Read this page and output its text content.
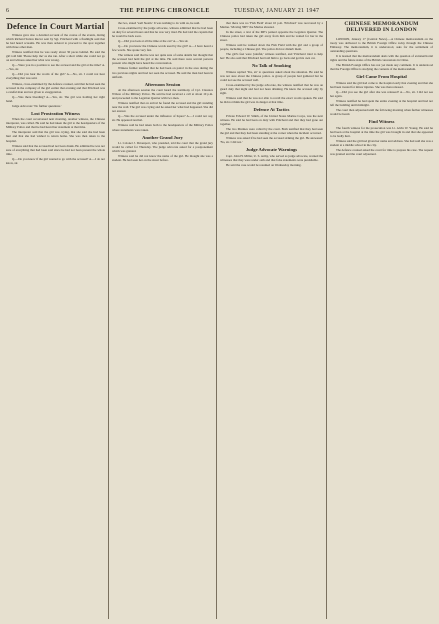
6	THE PEIPING CHRONICLE	TUESDAY, JANUARY 21 1947
Defence In Court Martial

Witness gave also a detailed account of the course of the events, during which Richard Sutton Rector sent by Sgt. Pritchard with a flashlight said that he had heard screams. He was then ordered to proceed to the spot together with three other men.

Witness testified that he was ready about 30 paces behind. He said the girl told him 'Please help me' as she ran. After a short while she could not go on and witness asked her what was wrong.

Q.—Were you in a position to see the accused and the girl at the time? A.—Yes, sir.

Q.—Did you hear the words of the girl? A.—No, sir. I could not hear everything that was said.

Witness, cross-examined by the defence counsel, said that he had seen the accused in the company of the girl earlier that evening and that Pritchard was a careful man and not given to exaggeration.

Q.—Was there bleeding? A.—Yes, sir. The girl was holding her right hand.

Judge Advocate: 'No further questions.'

Lost Prostration Witness

When the court reconvened next morning, another witness, the Chinese interpreter, was called. He said he had taken the girl to the headquarters of the Military Police and that he had heard her statement at that time.

The interpreter said that the girl was crying, that she said she had been hurt and that she had wished to return home. She was then taken to the hospital.

Witness said that the accused had not been drunk. He admitted he was not sure of everything that had been said since he had not been present the whole time.

Q.—Do you know if the girl wanted to go with the accused? A.—I do not know, sir.

the two, stated 'well Steam.' It was nothing to do with us, he said.

Cross-examined by the judge advocate, witness admitted that he had been on duty for several hours and that he was very tired. He had told the captain that he would be back soon.

Q.—Did you look at all the time at the car? A.—Yes sir.

Q.—Do you know the Chinese words used by the girl? A.—I have heard a few words. She spoke very fast.

The witness said that he was not quite sure of some details but thought that the accused had held the girl at the time. He said there were several persons present who might have heard the conversation.

Witness further testified that he had been on patrol in the area during the two previous nights and had not seen the accused. He said the man had been in uniform.

Afternoon Session

At the afternoon session the court heard the testimony of Cpl. Clarence Wilson of the Military Police. He said he had received a call at about 10 p.m. and proceeded to the Legation Quarter with two men.

Witness testified that on arrival he found the accused and the girl standing near the wall. The girl was crying and he asked her what had happened. She did not answer.

Q.—Was the accused under the influence of liquor? A.—I could not say, sir. He appeared normal.

Witness said he had taken both to the headquarters of the Military Police where statements were taken.

Another Grand Jury

Lt. Colonel J. Davenport, who presided, told the court that the grand jury would be called for Thursday. The judge advocate asked for a postponement which was granted.

Witness said he did not know the name of the girl. He thought she was a student. He had seen her on the street before.

that there was no 'Fish Field' about 10 p.m. 'Pritchard' was recovered by a Marine. 'Moving 'MP!' the Marine shouted.

In the street, a taxi of the MP's parked opposite the Legation Quarter. The Chinese police had taken the girl away from him and he waited for her in the street.

Witness said he walked down the Fish Field with the girl and a group of people, including a Chinese girl. The police did not disturb them.

The girl's feet were 'painful,' witness testified, and 'Pritchard tried to help her.' He also said that Pritchard had told him to go back and get his own car.

No Talk of Smoking

Witness replied 'Yes, sir' to questions asked about the situation. He said he was not sure about the Chinese police. A group of people had gathered but he could not see the accused well.

Cross-examined by the judge advocate, the witness testified that he was on guard duty that night and had not been drinking. He knew the accused only by sight.

Witness said that he was not able to recall the exact words spoken. He said he did not think the girl was in danger at that time.

Defence At Tactics

Private Edward W. Smith, of the United States Marine Corps, was the next witness. He said he had been on duty with Pritchard and that they had gone out together.

The two Marines were called by the court. Both testified that they had seen the girl and that they had been standing at the corner when the incident occurred.

Witness was asked if he had seen the accused striking the girl. He answered: 'No, sir. I did not.'

Judge Advocate Warnings

Capt. John H. Miller, U. S. Army, who served as judge advocate, warned the witnesses that they were under oath and that false statements were punishable.

He said the case would be resumed on Wednesday morning.

CHINESE MEMORANDUM DELIVERED IN LONDON

LONDON, January 17 (Central News).—A Chinese memorandum on the treaty was delivered to the British Foreign Office today through the Chinese Embassy. The memorandum, it is understood, asks for the settlement of outstanding questions.

It is learned that the memorandum deals with the question of extraterritorial rights and the future status of the British concessions in China.

The British Foreign Office has not yet made any comment. It is understood that the Foreign Office is studying the contents of the memorandum.

Girl Came From Hospital

Witness said the girl had come to the hospital early that evening and that she had been treated for minor injuries. She was then released.

Q.—Did you see the girl after she was released? A.—No, sir. I did not see her again.

Witness testified he had spent the entire evening at the hospital and had not left the building until midnight.

The court then adjourned until the following morning when further witnesses would be heard.

Find Witness

The fourth witness for the prosecution was Lt. Alvin W. Young. He said he had been at the hospital at the time the girl was brought in and that she appeared to be badly hurt.

Witness said the girl had given her name and address. She had said she was a student at a middle school in the city.

The defence counsel asked the court for time to prepare his case. The request was granted and the court adjourned.
